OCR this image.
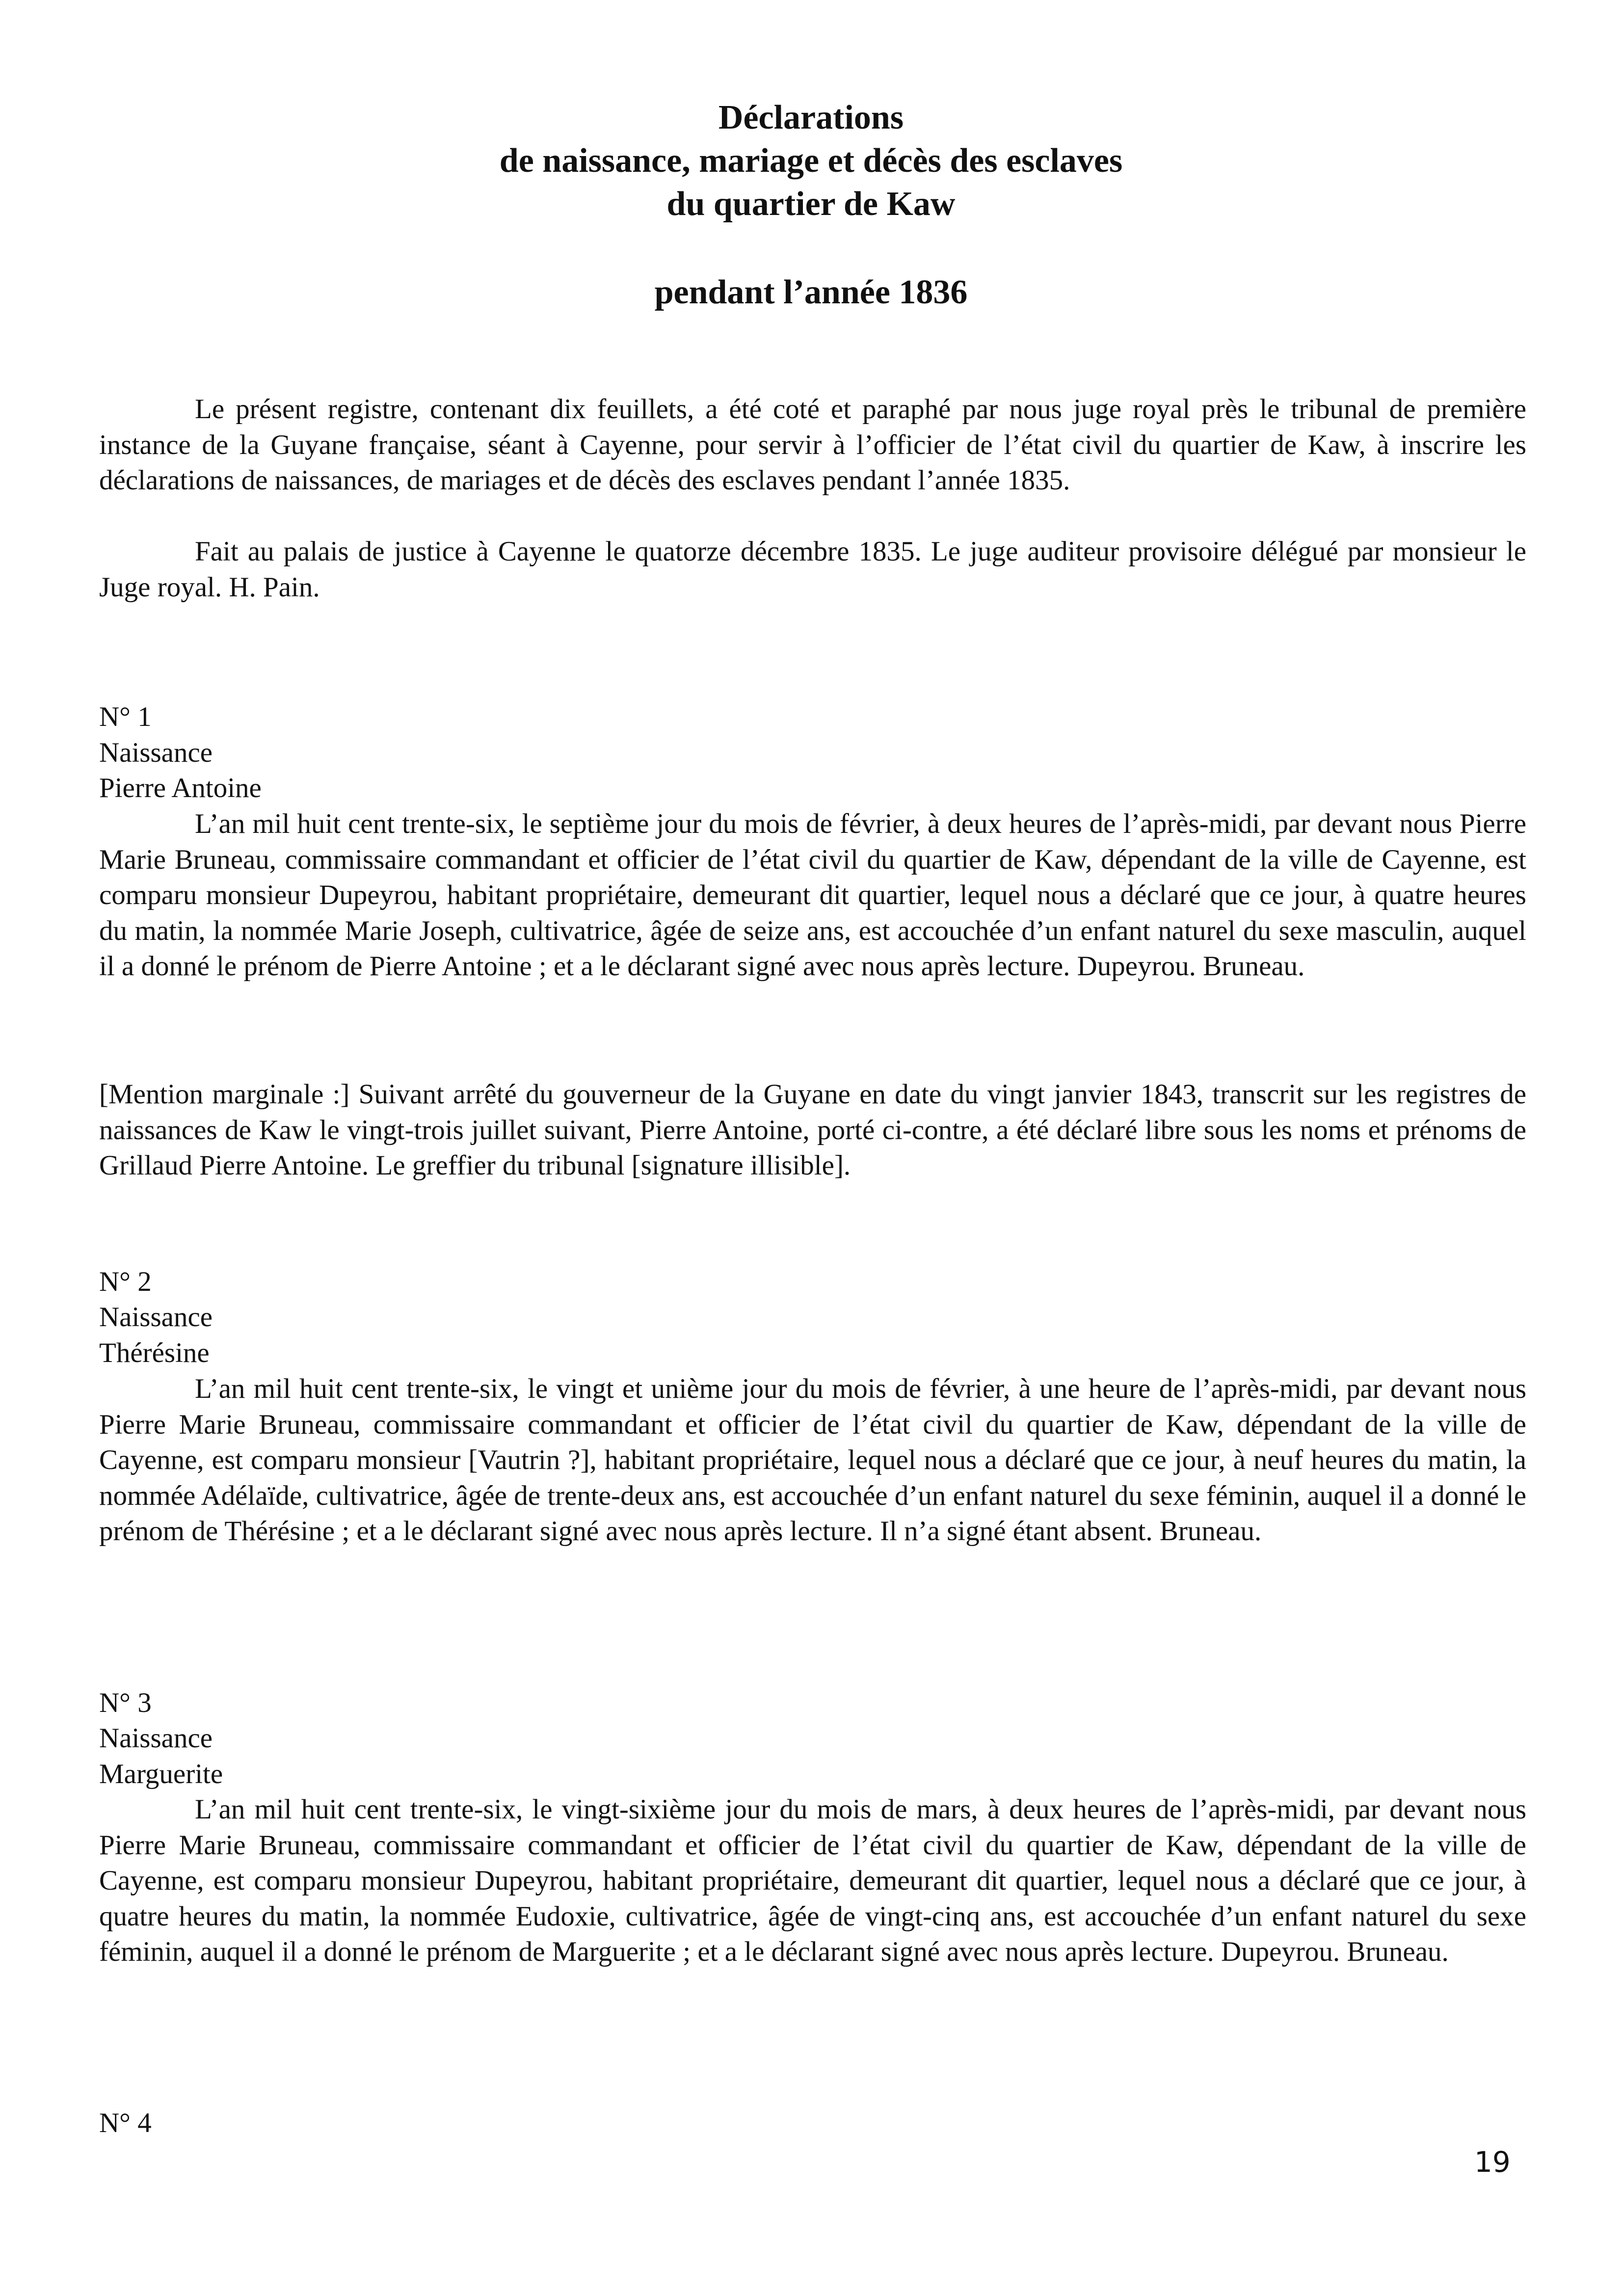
Déclarations
de naissance, mariage et décès des esclaves
du quartier de Kaw
pendant l’année 1836

Le présent registre, contenant dix feuillets, a été coté et paraphé par nous juge royal près le tribunal de première instance de la Guyane française, séant à Cayenne, pour servir à l’officier de l’état civil du quartier de Kaw, à inscrire les déclarations de naissances, de mariages et de décès des esclaves pendant l’année 1835.

Fait au palais de justice à Cayenne le quatorze décembre 1835. Le juge auditeur provisoire délégué par monsieur le Juge royal. H. Pain.

N° 1
Naissance
Pierre Antoine

L’an mil huit cent trente-six, le septième jour du mois de février, à deux heures de l’après-midi, par devant nous Pierre Marie Bruneau, commissaire commandant et officier de l’état civil du quartier de Kaw, dépendant de la ville de Cayenne, est comparu monsieur Dupeyrou, habitant propriétaire, demeurant dit quartier, lequel nous a déclaré que ce jour, à quatre heures du matin, la nommée Marie Joseph, cultivatrice, âgée de seize ans, est accouchée d’un enfant naturel du sexe masculin, auquel il a donné le prénom de Pierre Antoine ; et a le déclarant signé avec nous après lecture. Dupeyrou. Bruneau.

[Mention marginale :] Suivant arrêté du gouverneur de la Guyane en date du vingt janvier 1843, transcrit sur les registres de naissances de Kaw le vingt-trois juillet suivant, Pierre Antoine, porté ci-contre, a été déclaré libre sous les noms et prénoms de Grillaud Pierre Antoine. Le greffier du tribunal [signature illisible].

N° 2
Naissance
Thérésine

L’an mil huit cent trente-six, le vingt et unième jour du mois de février, à une heure de l’après-midi, par devant nous Pierre Marie Bruneau, commissaire commandant et officier de l’état civil du quartier de Kaw, dépendant de la ville de Cayenne, est comparu monsieur [Vautrin ?], habitant propriétaire, lequel nous a déclaré que ce jour, à neuf heures du matin, la nommée Adélaïde, cultivatrice, âgée de trente-deux ans, est accouchée d’un enfant naturel du sexe féminin, auquel il a donné le prénom de Thérésine ; et a le déclarant signé avec nous après lecture. Il n’a signé étant absent. Bruneau.

N° 3
Naissance
Marguerite

L’an mil huit cent trente-six, le vingt-sixième jour du mois de mars, à deux heures de l’après-midi, par devant nous Pierre Marie Bruneau, commissaire commandant et officier de l’état civil du quartier de Kaw, dépendant de la ville de Cayenne, est comparu monsieur Dupeyrou, habitant propriétaire, demeurant dit quartier, lequel nous a déclaré que ce jour, à quatre heures du matin, la nommée Eudoxie, cultivatrice, âgée de vingt-cinq ans, est accouchée d’un enfant naturel du sexe féminin, auquel il a donné le prénom de Marguerite ; et a le déclarant signé avec nous après lecture. Dupeyrou. Bruneau.

N° 4
19
